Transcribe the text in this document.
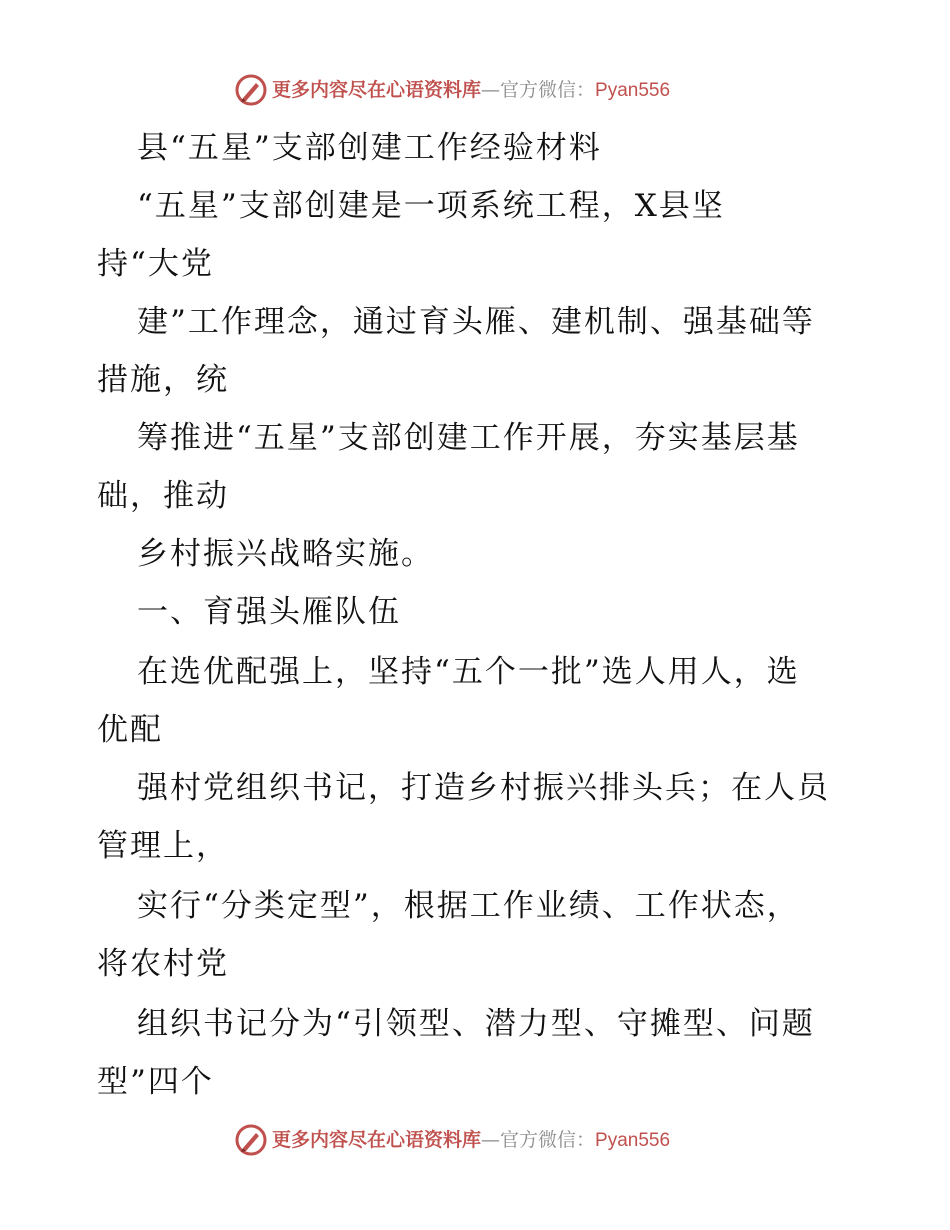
更多内容尽在心语资料库—官方微信：Pyan556
县“五星”支部创建工作经验材料
“五星”支部创建是一项系统工程，X县坚
持“大党
建”工作理念，通过育头雁、建机制、强基础等
措施，统
筹推进“五星”支部创建工作开展，夯实基层基
础，推动
乡村振兴战略实施。
一、育强头雁队伍
在选优配强上，坚持“五个一批”选人用人，选
优配
强村党组织书记，打造乡村振兴排头兵；在人员
管理上，
实行“分类定型”，根据工作业绩、工作状态，
将农村党
组织书记分为“引领型、潜力型、守摊型、问题
型”四个
更多内容尽在心语资料库—官方微信：Pyan556
